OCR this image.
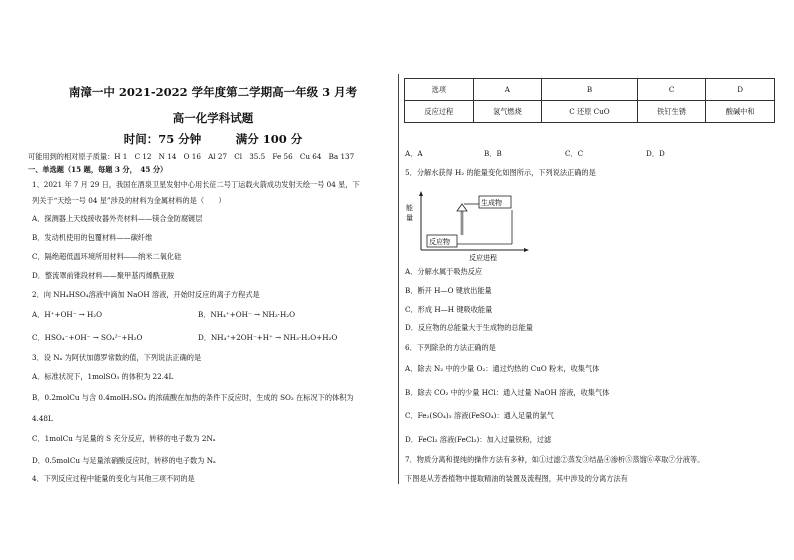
南漳一中 2021-2022 学年度第二学期高一年级 3 月考
高一化学科试题
时间：75 分钟　　　满分 100 分
可能用到的相对原子质量：H 1　C 12　N 14　O 16　Al 27　Cl　35.5　Fe 56　Cu 64　Ba 137
一、单选题（15 题，每题 3 分，　45 分）
1、2021 年 7 月 29 日，我国在酒泉卫星发射中心用长征二号丁运载火箭成功发射天绘一号 04 星，下
列关于“天绘一号 04 星”涉及的材料为金属材料的是（　　）
A．探测器上天线接收器外壳材料——镁合金防腐镀层
B．发动机使用的包覆材料——碳纤维
C．隔绝超低温环境所用材料——纳米二氧化硅
D．整流罩前锥段材料——聚甲基丙烯酰亚胺
2．向 NH₄HSO₄溶液中滴加 NaOH 溶液，开始时反应的离子方程式是
A．H⁺+OH⁻ → H₂O	B．NH₄⁺+OH⁻ → NH₃·H₂O
C．HSO₄⁻+OH⁻ → SO₄²⁻+H₂O	D．NH₄⁺+2OH⁻+H⁺ → NH₃·H₂O+H₂O
3．设 Nₐ 为阿伏加德罗常数的值，下列说法正确的是
A．标准状况下，1molSO₃ 的体积为 22.4L
B．0.2molCu 与含 0.4molH₂SO₄ 的浓硫酸在加热的条件下反应时，生成的 SO₂ 在标况下的体积为
4.48L
C．1molCu 与足量的 S 充分反应，转移的电子数为 2Nₐ
D．0.5molCu 与足量浓硝酸反应时，转移的电子数为 Nₐ
4．下列反应过程中能量的变化与其他三项不同的是
选项	A	B	C	D
反应过程	氢气燃烧	C 还原 CuO	铁钉生锈	酸碱中和
A．A	B．B	C．C	D．D
5．分解水获得 H₂ 的能量变化如图所示，下列说法正确的是
能
量
反应物
生成物
反应进程
A．分解水属于吸热反应
B．断开 H—O 键放出能量
C．形成 H—H 键吸收能量
D．反应物的总能量大于生成物的总能量
6．下列除杂的方法正确的是
A．除去 N₂ 中的少量 O₂：通过灼热的 CuO 粉末，收集气体
B．除去 CO₂ 中的少量 HCl：通入过量 NaOH 溶液，收集气体
C．Fe₂(SO₄)₃ 溶液(FeSO₄)：通入足量的氯气
D．FeCl₂ 溶液(FeCl₃)：加入过量铁粉，过滤
7．物质分离和提纯的操作方法有多种，如①过滤②蒸发③结晶④渗析⑤蒸馏⑥萃取⑦分液等。
下图是从芳香植物中提取精油的装置及流程图，其中涉及的分离方法有
